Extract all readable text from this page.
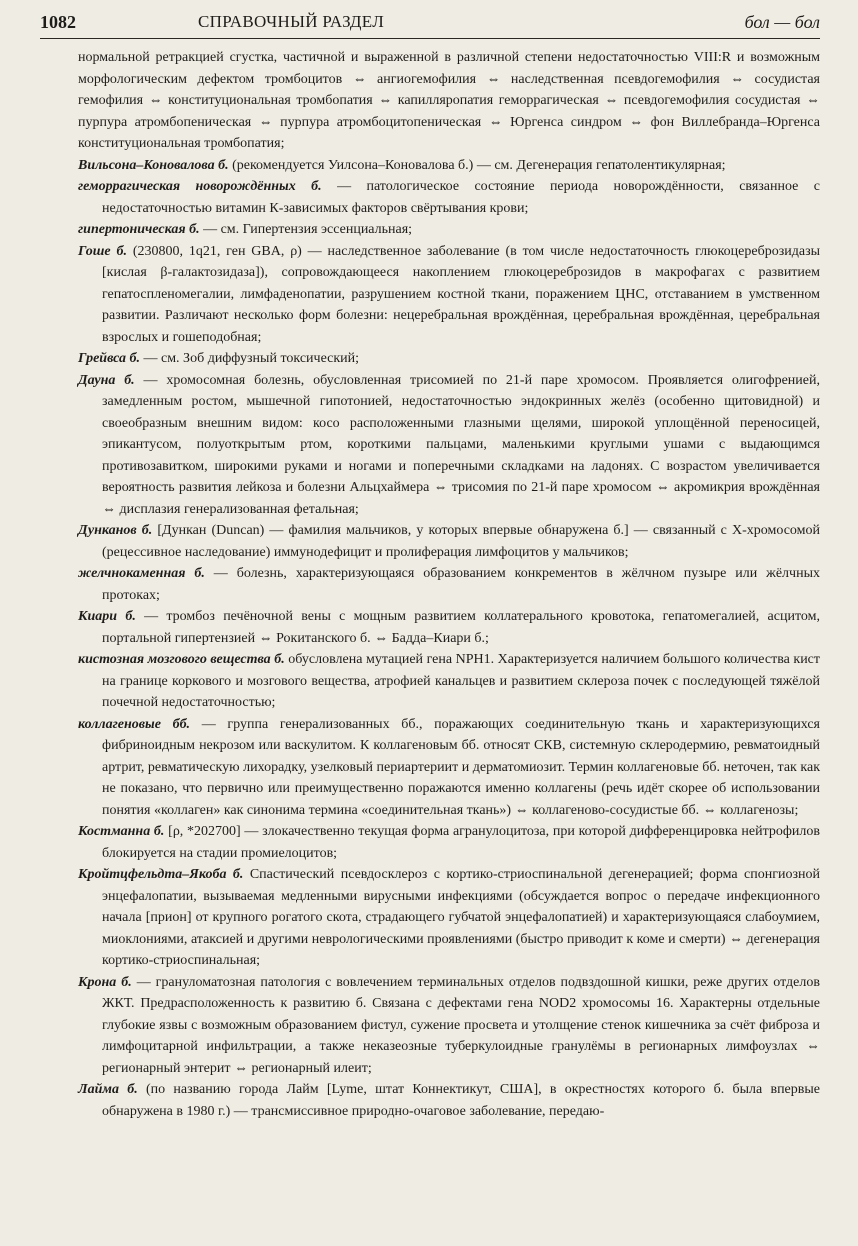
1082	СПРАВОЧНЫЙ РАЗДЕЛ	бол — бол

нормальной ретракцией сгустка, частичной и выраженной в различной степени недостаточностью VIII:R и возможным морфологическим дефектом тромбоцитов ⇔ ангиогемофилия ⇔ наследственная псевдогемофилия ⇔ сосудистая гемофилия ⇔ конституциональная тромбопатия ⇔ капилляропатия геморрагическая ⇔ псевдогемофилия сосудистая ⇔ пурпура атромбопеническая ⇔ пурпура атромбоцитопеническая ⇔ Юргенса синдром ⇔ фон Виллебранда–Юргенса конституциональная тромбопатия;

Вильсона–Коновалова б. (рекомендуется Уилсона–Коновалова б.) — см. Дегенерация гепатолентикулярная;

геморрагическая новорождённых б. — патологическое состояние периода новорождённости, связанное с недостаточностью витамин К-зависимых факторов свёртывания крови;

гипертоническая б. — см. Гипертензия эссенциальная;

Гоше б. (230800, 1q21, ген GBA, ρ) — наследственное заболевание (в том числе недостаточность глюкоцереброзидазы [кислая β-галактозидаза]), сопровождающееся накоплением глюкоцереброзидов в макрофагах с развитием гепатоспленомегалии, лимфаденопатии, разрушением костной ткани, поражением ЦНС, отставанием в умственном развитии. Различают несколько форм болезни: нецеребральная врождённая, церебральная врождённая, церебральная взрослых и гошеподобная;

Грейвса б. — см. Зоб диффузный токсический;

Дауна б. — хромосомная болезнь, обусловленная трисомией по 21-й паре хромосом. Проявляется олигофренией, замедленным ростом, мышечной гипотонией, недостаточностью эндокринных желёз (особенно щитовидной) и своеобразным внешним видом: косо расположенными глазными щелями, широкой уплощённой переносицей, эпикантусом, полуоткрытым ртом, короткими пальцами, маленькими круглыми ушами с выдающимся противозавитком, широкими руками и ногами и поперечными складками на ладонях. С возрастом увеличивается вероятность развития лейкоза и болезни Альцхаймера ⇔ трисомия по 21-й паре хромосом ⇔ акромикрия врождённая ⇔ дисплазия генерализованная фетальная;

Дунканов б. [Дункан (Duncan) — фамилия мальчиков, у которых впервые обнаружена б.] — связанный с Х-хромосомой (рецессивное наследование) иммунодефицит и пролиферация лимфоцитов у мальчиков;

желчнокаменная б. — болезнь, характеризующаяся образованием конкрементов в жёлчном пузыре или жёлчных протоках;

Киари б. — тромбоз печёночной вены с мощным развитием коллатерального кровотока, гепатомегалией, асцитом, портальной гипертензией ⇔ Рокитанского б. ⇔ Бадда–Киари б.;

кистозная мозгового вещества б. обусловлена мутацией гена NPH1. Характеризуется наличием большого количества кист на границе коркового и мозгового вещества, атрофией канальцев и развитием склероза почек с последующей тяжёлой почечной недостаточностью;

коллагеновые бб. — группа генерализованных бб., поражающих соединительную ткань и характеризующихся фибриноидным некрозом или васкулитом. К коллагеновым бб. относят СКВ, системную склеродермию, ревматоидный артрит, ревматическую лихорадку, узелковый периартериит и дерматомиозит. Термин коллагеновые бб. неточен, так как не показано, что первично или преимущественно поражаются именно коллагены (речь идёт скорее об использовании понятия «коллаген» как синонима термина «соединительная ткань») ⇔ коллагеново-сосудистые бб. ⇔ коллагенозы;

Костманна б. [ρ, *202700] — злокачественно текущая форма агранулоцитоза, при которой дифференцировка нейтрофилов блокируется на стадии промиелоцитов;

Кройтцфельдта–Якоба б. Спастический псевдосклероз с кортико-стриоспинальной дегенерацией; форма спонгиозной энцефалопатии, вызываемая медленными вирусными инфекциями (обсуждается вопрос о передаче инфекционного начала [прион] от крупного рогатого скота, страдающего губчатой энцефалопатией) и характеризующаяся слабоумием, миоклониями, атаксией и другими неврологическими проявлениями (быстро приводит к коме и смерти) ⇔ дегенерация кортико-стриоспинальная;

Крона б. — грануломатозная патология с вовлечением терминальных отделов подвздошной кишки, реже других отделов ЖКТ. Предрасположенность к развитию б. Связана с дефектами гена NOD2 хромосомы 16. Характерны отдельные глубокие язвы с возможным образованием фистул, сужение просвета и утолщение стенок кишечника за счёт фиброза и лимфоцитарной инфильтрации, а также неказеозные туберкулоидные гранулёмы в регионарных лимфоузлах ⇔ регионарный энтерит ⇔ регионарный илеит;

Лайма б. (по названию города Лайм [Lyme, штат Коннектикут, США], в окрестностях которого б. была впервые обнаружена в 1980 г.) — трансмиссивное природно-очаговое заболевание, передаю-
